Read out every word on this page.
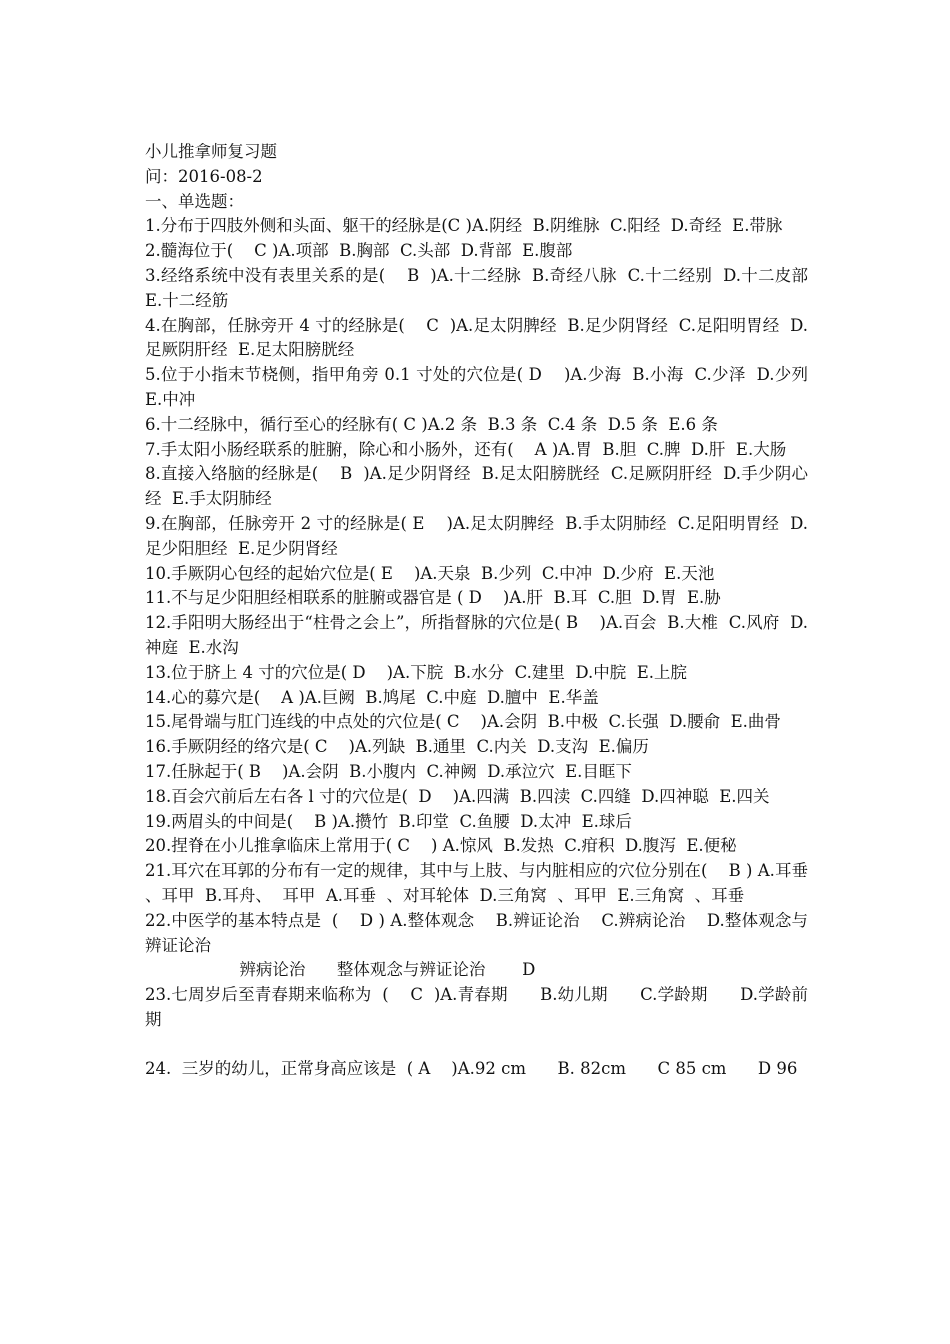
小儿推拿师复习题
问：2016-08-2
一、单选题：
1.分布于四肢外侧和头面、躯干的经脉是(C )A.阴经  B.阴维脉  C.阳经  D.奇经  E.带脉
2.髓海位于(    C )A.项部  B.胸部  C.头部  D.背部  E.腹部
3.经络系统中没有表里关系的是(    B  )A.十二经脉  B.奇经八脉  C.十二经别  D.十二皮部  E.十二经筋
4.在胸部，任脉旁开 4 寸的经脉是(    C  )A.足太阴脾经  B.足少阴肾经  C.足阳明胃经  D.足厥阴肝经  E.足太阳膀胱经
5.位于小指末节桡侧，指甲角旁 0.1 寸处的穴位是( D    )A.少海  B.小海  C.少泽  D.少列  E.中冲
6.十二经脉中，循行至心的经脉有( C )A.2 条  B.3 条  C.4 条  D.5 条  E.6 条
7.手太阳小肠经联系的脏腑，除心和小肠外，还有(    A )A.胃  B.胆  C.脾  D.肝  E.大肠
8.直接入络脑的经脉是(    B  )A.足少阴肾经  B.足太阳膀胱经  C.足厥阴肝经  D.手少阴心经  E.手太阴肺经
9.在胸部，任脉旁开 2 寸的经脉是( E    )A.足太阴脾经  B.手太阴肺经  C.足阳明胃经  D.足少阳胆经  E.足少阴肾经
10.手厥阴心包经的起始穴位是( E    )A.天泉  B.少列  C.中冲  D.少府  E.天池
11.不与足少阳胆经相联系的脏腑或器官是 ( D    )A.肝  B.耳  C.胆  D.胃  E.胁
12.手阳明大肠经出于“柱骨之会上”，所指督脉的穴位是( B    )A.百会  B.大椎  C.风府  D.神庭  E.水沟
13.位于脐上 4 寸的穴位是( D    )A.下脘  B.水分  C.建里  D.中脘  E.上脘
14.心的募穴是(    A )A.巨阙  B.鸠尾  C.中庭  D.膻中  E.华盖
15.尾骨端与肛门连线的中点处的穴位是( C    )A.会阴  B.中极  C.长强  D.腰俞  E.曲骨
16.手厥阴经的络穴是( C    )A.列缺  B.通里  C.内关  D.支沟  E.偏历
17.任脉起于( B    )A.会阴  B.小腹内  C.神阙  D.承泣穴  E.目眶下
18.百会穴前后左右各 l 寸的穴位是(  D    )A.四满  B.四渎  C.四缝  D.四神聪  E.四关
19.两眉头的中间是(    B )A.攒竹  B.印堂  C.鱼腰  D.太冲  E.球后
20.捏脊在小儿推拿临床上常用于( C    ) A.惊风  B.发热  C.疳积  D.腹泻  E.便秘
21.耳穴在耳郭的分布有一定的规律，其中与上肢、与内脏相应的穴位分别在(    B ) A.耳垂  、耳甲  B.耳舟、  耳甲  A.耳垂  、对耳轮体  D.三角窝  、耳甲  E.三角窝  、耳垂
22.中医学的基本特点是  (    D ) A.整体观念    B.辨证论治    C.辨病论治    D.整体观念与辨证论治
辨病论治      整体观念与辨证论治       D
23.七周岁后至青春期来临称为  (    C  )A.青春期      B.幼儿期      C.学龄期      D.学龄前期
24.  三岁的幼儿，正常身高应该是  ( A    )A.92 cm      B. 82cm      C 85 cm      D 96
